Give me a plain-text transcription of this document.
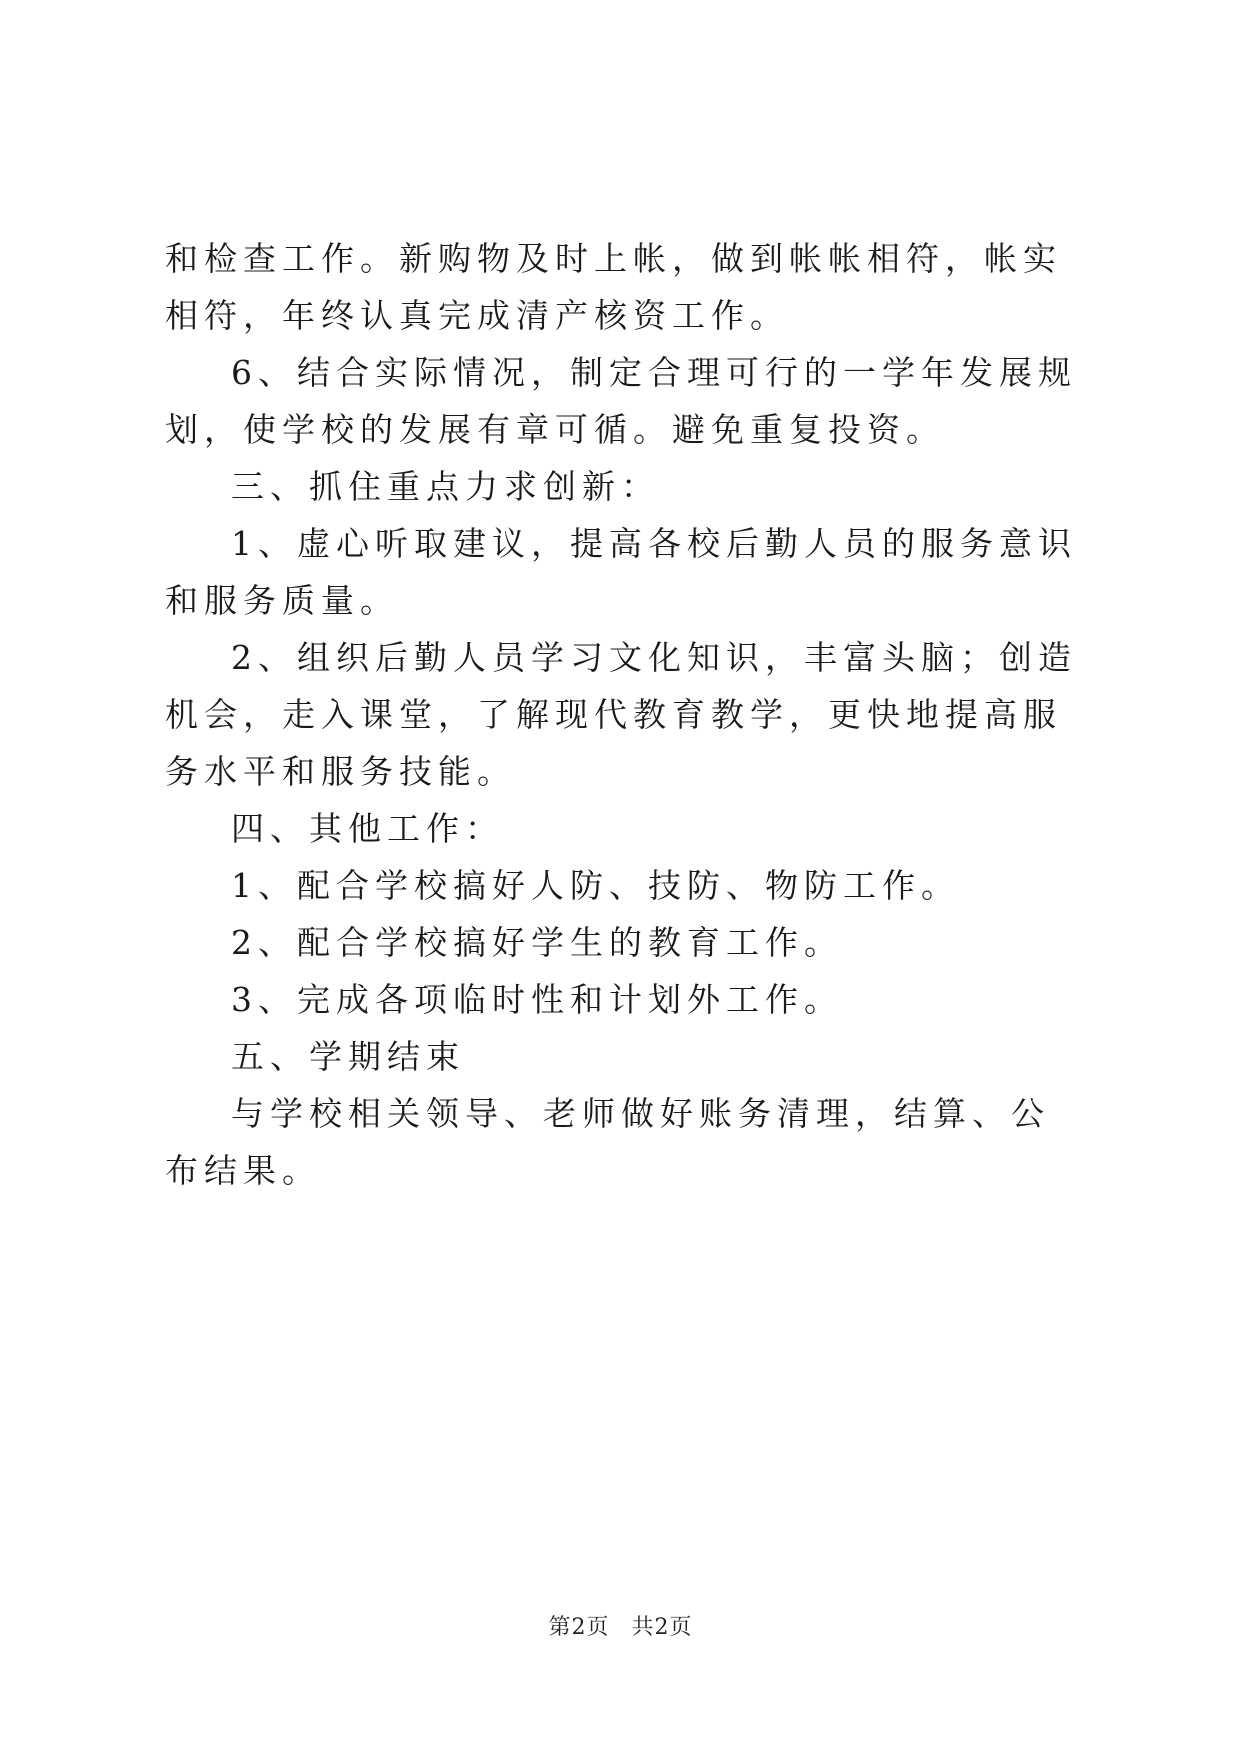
和检查工作。新购物及时上帐，做到帐帐相符，帐实相符，年终认真完成清产核资工作。

6、结合实际情况，制定合理可行的一学年发展规划，使学校的发展有章可循。避免重复投资。

三、抓住重点力求创新：

1、虚心听取建议，提高各校后勤人员的服务意识和服务质量。

2、组织后勤人员学习文化知识，丰富头脑；创造机会，走入课堂，了解现代教育教学，更快地提高服务水平和服务技能。

四、其他工作：

1、配合学校搞好人防、技防、物防工作。

2、配合学校搞好学生的教育工作。

3、完成各项临时性和计划外工作。

五、学期结束

与学校相关领导、老师做好账务清理，结算、公布结果。

第2页 共2页
